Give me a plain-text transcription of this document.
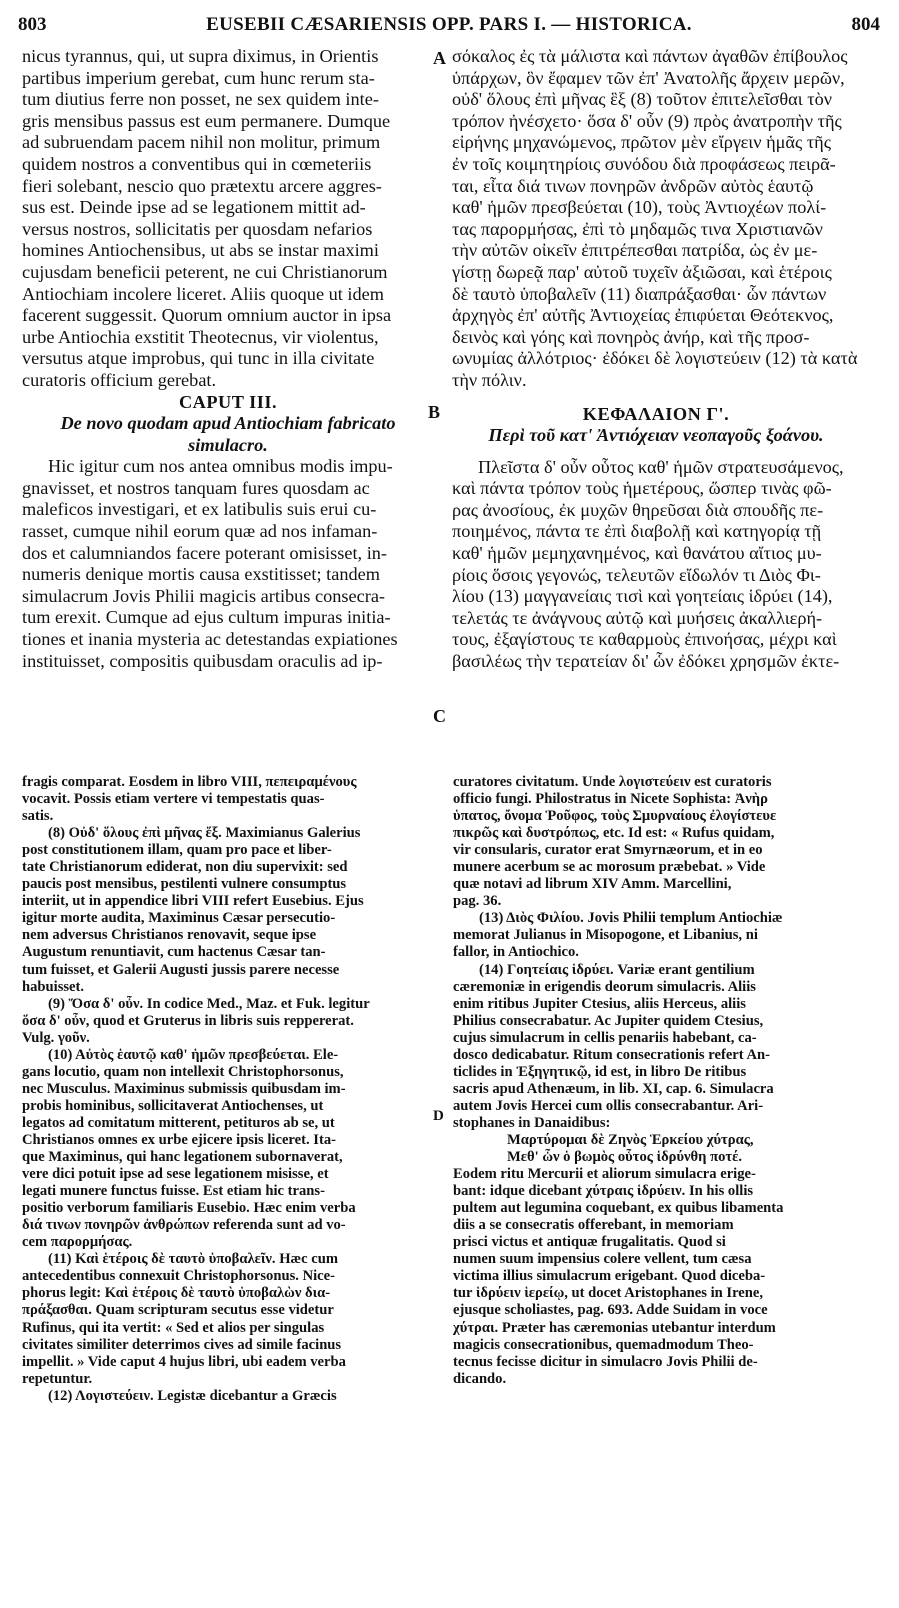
803	EUSEBII CÆSARIENSIS OPP. PARS I. — HISTORICA.	804
nicus tyrannus, qui, ut supra diximus, in Orientis
partibus imperium gerebat, cum hunc rerum sta-
tum diutius ferre non posset, ne sex quidem inte-
gris mensibus passus est eum permanere. Dumque
ad subruendam pacem nihil non molitur, primum
quidem nostros a conventibus qui in cœmeteriis
fieri solebant, nescio quo prætextu arcere aggres-
sus est. Deinde ipse ad se legationem mittit ad-
versus nostros, sollicitatis per quosdam nefarios
homines Antiochensibus, ut abs se instar maximi
cujusdam beneficii peterent, ne cui Christianorum
Antiochiam incolere liceret. Aliis quoque ut idem
facerent suggessit. Quorum omnium auctor in ipsa
urbe Antiochia exstitit Theotecnus, vir violentus,
versutus atque improbus, qui tunc in illa civitate
curatoris officium gerebat.
CAPUT III.
De novo quodam apud Antiochiam fabricato
simulacro.
Hic igitur cum nos antea omnibus modis impu-
gnavisset, et nostros tanquam fures quosdam ac
maleficos investigari, et ex latibulis suis erui cu-
rasset, cumque nihil eorum quæ ad nos infaman-
dos et calumniandos facere poterant omisisset, in-
numeris denique mortis causa exstitisset; tandem
simulacrum Jovis Philii magicis artibus consecra-
tum erexit. Cumque ad ejus cultum impuras initia-
tiones et inania mysteria ac detestandas expiationes
instituisset, compositis quibusdam oraculis ad ip-
σόκαλος ἐς τὰ μάλιστα καὶ πάντων ἀγαθῶν ἐπίβουλος
ὑπάρχων, ὃν ἔφαμεν τῶν ἐπ' Ἀνατολῆς ἄρχειν μερῶν,
οὐδ' ὅλους ἐπὶ μῆνας ἓξ (8) τοῦτον ἐπιτελεῖσθαι τὸν
τρόπον ἠνέσχετο· ὅσα δ' οὖν (9) πρὸς ἀνατροπὴν τῆς
εἰρήνης μηχανώμενος, πρῶτον μὲν εἴργειν ἡμᾶς τῆς
ἐν τοῖς κοιμητηρίοις συνόδου διὰ προφάσεως πειρᾶ-
ται, εἶτα διά τινων πονηρῶν ἀνδρῶν αὐτὸς ἑαυτῷ
καθ' ἡμῶν πρεσβεύεται (10), τοὺς Ἀντιοχέων πολί-
τας παρορμήσας, ἐπὶ τὸ μηδαμῶς τινα Χριστιανῶν
τὴν αὐτῶν οἰκεῖν ἐπιτρέπεσθαι πατρίδα, ὡς ἐν με-
γίστῃ δωρεᾷ παρ' αὐτοῦ τυχεῖν ἀξιῶσαι, καὶ ἑτέροις
δὲ ταυτὸ ὑποβαλεῖν (11) διαπράξασθαι· ὧν πάντων
ἀρχηγὸς ἐπ' αὐτῆς Ἀντιοχείας ἐπιφύεται Θεότεκνος,
δεινὸς καὶ γόης καὶ πονηρὸς ἀνήρ, καὶ τῆς προσ-
ωνυμίας ἀλλότριος· ἐδόκει δὲ λογιστεύειν (12) τὰ κατὰ
τὴν πόλιν.
ΚΕΦΑΛΑΙΟΝ Γ'.
Περὶ τοῦ κατ' Ἀντιόχειαν νεοπαγοῦς ξοάνου.
Πλεῖστα δ' οὖν οὗτος καθ' ἡμῶν στρατευσάμενος,
καὶ πάντα τρόπον τοὺς ἡμετέρους, ὥσπερ τινὰς φῶ-
ρας ἀνοσίους, ἐκ μυχῶν θηρεῦσαι διὰ σπουδῆς πε-
ποιημένος, πάντα τε ἐπὶ διαβολῇ καὶ κατηγορίᾳ τῇ
καθ' ἡμῶν μεμηχανημένος, καὶ θανάτου αἴτιος μυ-
ρίοις ὅσοις γεγονώς, τελευτῶν εἴδωλόν τι Διὸς Φι-
λίου (13) μαγγανείαις τισὶ καὶ γοητείαις ἱδρύει (14),
τελετάς τε ἀνάγνους αὐτῷ καὶ μυήσεις ἀκαλλιερή-
τους, ἐξαγίστους τε καθαρμοὺς ἐπινοήσας, μέχρι καὶ
βασιλέως τὴν τερατείαν δι' ὧν ἐδόκει χρησμῶν ἐκτε-
A
B
C
D
fragis comparat. Eosdem in libro VIII, πεπειραμένους
vocavit. Possis etiam vertere vi tempestatis quas-
satis.
(8) Οὐδ' ὅλους ἐπὶ μῆνας ἕξ. Maximianus Galerius
post constitutionem illam, quam pro pace et liber-
tate Christianorum ediderat, non diu supervixit: sed
paucis post mensibus, pestilenti vulnere consumptus
interiit, ut in appendice libri VIII refert Eusebius. Ejus
igitur morte audita, Maximinus Cæsar persecutio-
nem adversus Christianos renovavit, seque ipse
Augustum renuntiavit, cum hactenus Cæsar tan-
tum fuisset, et Galerii Augusti jussis parere necesse
habuisset.
(9) Ὅσα δ' οὖν. In codice Med., Maz. et Fuk. legitur
ὅσα δ' οὖν, quod et Gruterus in libris suis reppererat.
Vulg. γοῦν.
(10) Αὐτὸς ἑαυτῷ καθ' ἡμῶν πρεσβεύεται. Ele-
gans locutio, quam non intellexit Christophorsonus,
nec Musculus. Maximinus submissis quibusdam im-
probis hominibus, sollicitaverat Antiochenses, ut
legatos ad comitatum mitterent, petituros ab se, ut
Christianos omnes ex urbe ejicere ipsis liceret. Ita-
que Maximinus, qui hanc legationem subornaverat,
vere dici potuit ipse ad sese legationem misisse, et
legati munere functus fuisse. Est etiam hic trans-
positio verborum familiaris Eusebio. Hæc enim verba
διά τινων πονηρῶν ἀνθρώπων referenda sunt ad vo-
cem παρορμήσας.
(11) Καὶ ἑτέροις δὲ ταυτὸ ὑποβαλεῖν. Hæc cum
antecedentibus connexuit Christophorsonus. Nice-
phorus legit: Καὶ ἑτέροις δὲ ταυτὸ ὑποβαλὼν δια-
πράξασθαι. Quam scripturam secutus esse videtur
Rufinus, qui ita vertit: « Sed et alios per singulas
civitates similiter deterrimos cives ad simile facinus
impellit. » Vide caput 4 hujus libri, ubi eadem verba
repetuntur.
(12) Λογιστεύειν. Legistæ dicebantur a Græcis
curatores civitatum. Unde λογιστεύειν est curatoris
officio fungi. Philostratus in Nicete Sophista: Ἀνὴρ
ὑπατος, ὄνομα Ῥοῦφος, τοὺς Σμυρναίους ἐλογίστευε
πικρῶς καὶ δυστρόπως, etc. Id est: « Rufus quidam,
vir consularis, curator erat Smyrnæorum, et in eo
munere acerbum se ac morosum præbebat. » Vide
quæ notavi ad librum XIV Amm. Marcellini,
pag. 36.
(13) Διὸς Φιλίου. Jovis Philii templum Antiochiæ
memorat Julianus in Misopogone, et Libanius, ni
fallor, in Antiochico.
(14) Γοητείαις ἱδρύει. Variæ erant gentilium
cæremoniæ in erigendis deorum simulacris. Aliis
enim ritibus Jupiter Ctesius, aliis Herceus, aliis
Philius consecrabatur. Ac Jupiter quidem Ctesius,
cujus simulacrum in cellis penariis habebant, ca-
dosco dedicabatur. Ritum consecrationis refert An-
ticlides in Ἐξηγητικῷ, id est, in libro De ritibus
sacris apud Athenæum, in lib. XI, cap. 6. Simulacra
autem Jovis Hercei cum ollis consecrabantur. Ari-
stophanes in Danaidibus:
Μαρτύρομαι δὲ Ζηνὸς Ἑρκείου χύτρας,
Μεθ' ὧν ὁ βωμὸς οὗτος ἱδρύνθη ποτέ.
Eodem ritu Mercurii et aliorum simulacra erige-
bant: idque dicebant χύτραις ἱδρύειν. In his ollis
pultem aut legumina coquebant, ex quibus libamenta
diis a se consecratis offerebant, in memoriam
prisci victus et antiquæ frugalitatis. Quod si
numen suum impensius colere vellent, tum cæsa
victima illius simulacrum erigebant. Quod diceba-
tur ἱδρύειν ἱερείῳ, ut docet Aristophanes in Irene,
ejusque scholiastes, pag. 693. Adde Suidam in voce
χύτραι. Præter has cæremonias utebantur interdum
magicis consecrationibus, quemadmodum Theo-
tecnus fecisse dicitur in simulacro Jovis Philii de-
dicando.
